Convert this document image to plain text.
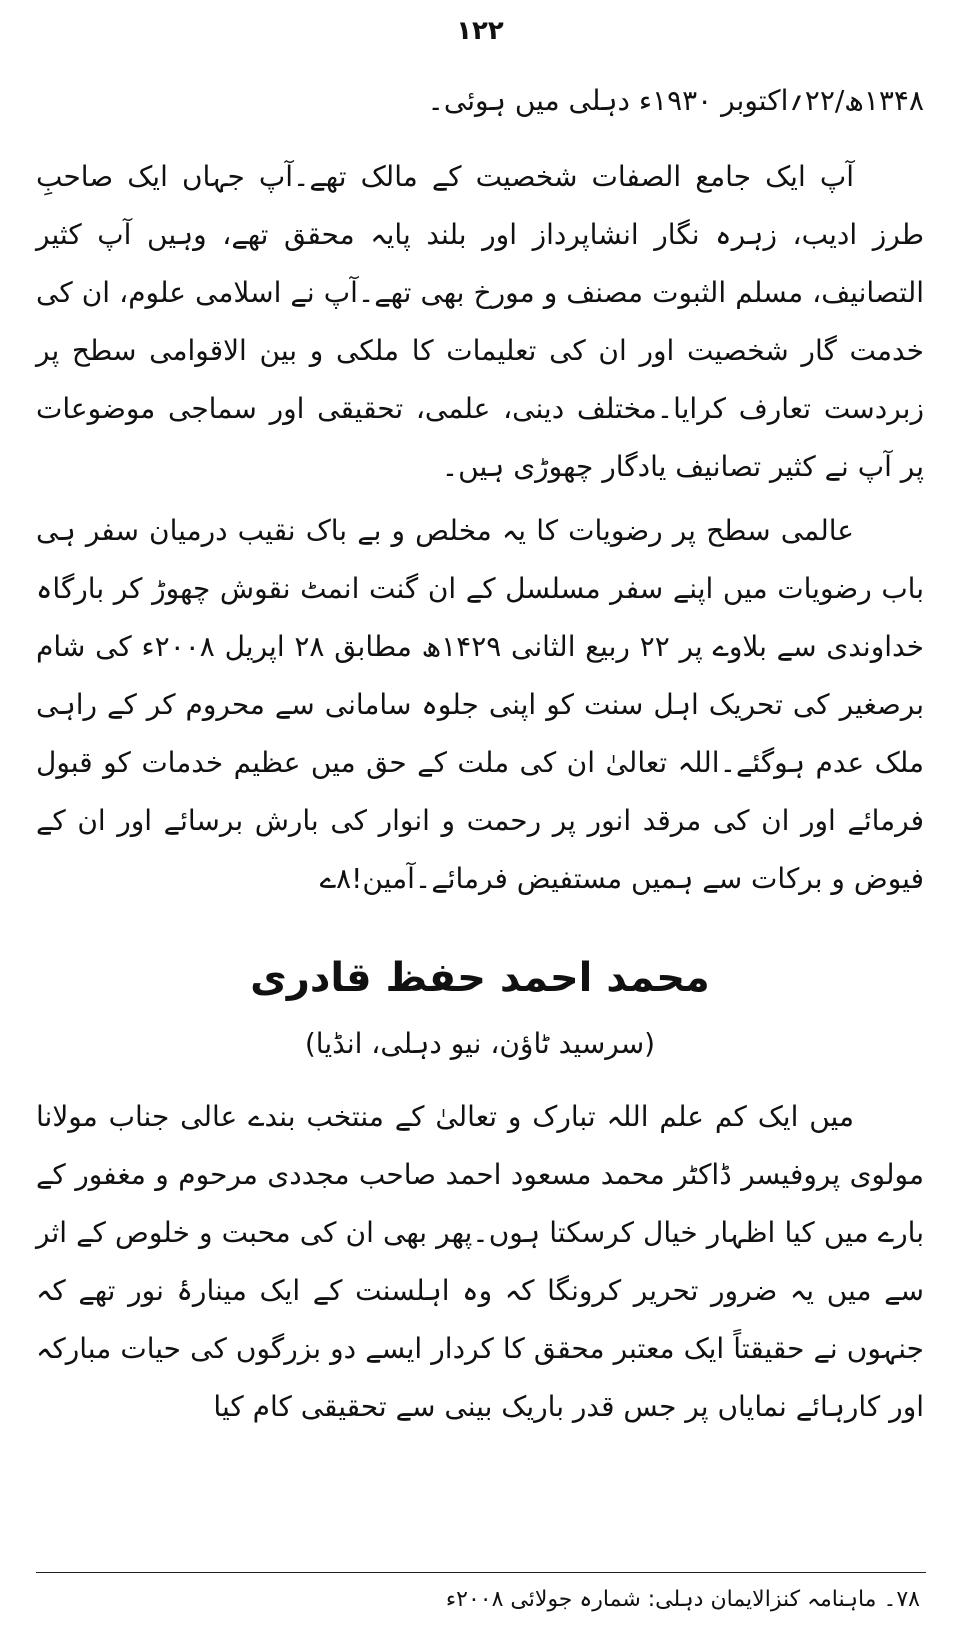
۱۲۲

۱۳۴۸ھ/۲۲؍اکتوبر ۱۹۳۰ء دہلی میں ہوئی۔

آپ ایک جامع الصفات شخصیت کے مالک تھے۔آپ جہاں ایک صاحبِ طرز ادیب، زہرہ نگار انشاپرداز اور بلند پایہ محقق تھے، وہیں آپ کثیر التصانیف، مسلم الثبوت مصنف و مورخ بھی تھے۔آپ نے اسلامی علوم، ان کی خدمت گار شخصیت اور ان کی تعلیمات کا ملکی و بین الاقوامی سطح پر زبردست تعارف کرایا۔مختلف دینی، علمی، تحقیقی اور سماجی موضوعات پر آپ نے کثیر تصانیف یادگار چھوڑی ہیں۔

عالمی سطح پر رضویات کا یہ مخلص و بے باک نقیب درمیان سفر ہی باب رضویات میں اپنے سفر مسلسل کے ان گنت انمٹ نقوش چھوڑ کر بارگاہ خداوندی سے بلاوے پر ۲۲ ربیع الثانی ۱۴۲۹ھ مطابق ۲۸ اپریل ۲۰۰۸ء کی شام برصغیر کی تحریک اہل سنت کو اپنی جلوہ سامانی سے محروم کر کے راہی ملک عدم ہوگئے۔اللہ تعالیٰ ان کی ملت کے حق میں عظیم خدمات کو قبول فرمائے اور ان کی مرقد انور پر رحمت و انوار کی بارش برسائے اور ان کے فیوض و برکات سے ہمیں مستفیض فرمائے۔آمین!۸ے

محمد احمد حفظ قادری
(سرسید ٹاؤن، نیو دہلی، انڈیا)

میں ایک کم علم اللہ تبارک و تعالیٰ کے منتخب بندے عالی جناب مولانا مولوی پروفیسر ڈاکٹر محمد مسعود احمد صاحب مجددی مرحوم و مغفور کے بارے میں کیا اظہار خیال کرسکتا ہوں۔پھر بھی ان کی محبت و خلوص کے اثر سے میں یہ ضرور تحریر کرونگا کہ وہ اہلسنت کے ایک مینارۂ نور تھے کہ جنہوں نے حقیقتاً ایک معتبر محقق کا کردار ایسے دو بزرگوں کی حیات مبارکہ اور کارہائے نمایاں پر جس قدر باریک بینی سے تحقیقی کام کیا

۷۸۔ ماہنامہ کنزالایمان دہلی: شمارہ جولائی ۲۰۰۸ء
